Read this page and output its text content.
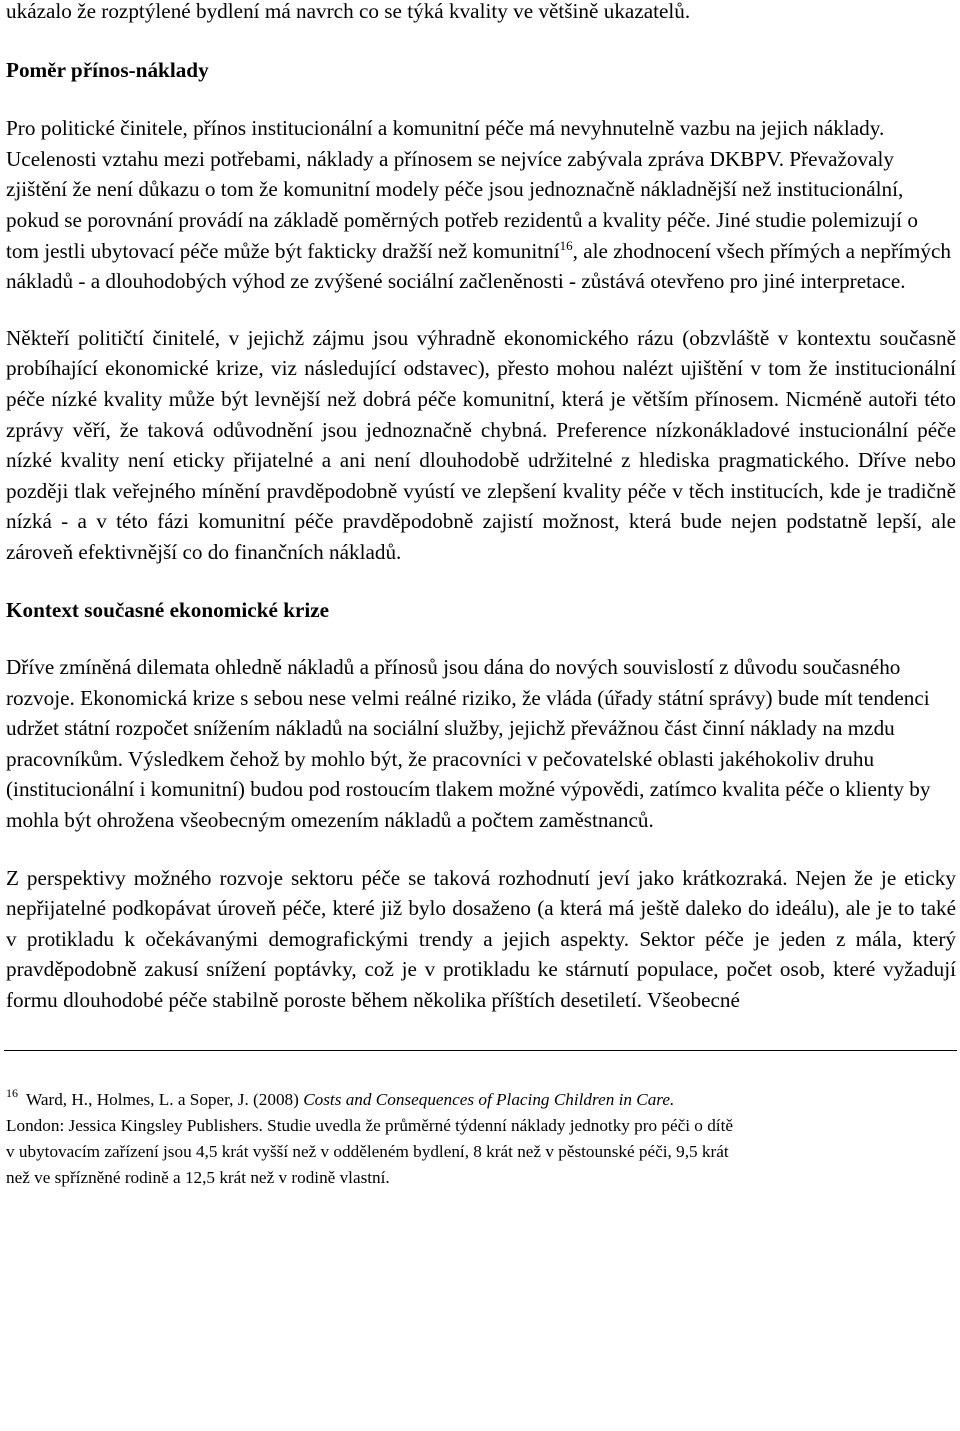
ukázalo že rozptýlené bydlení má navrch co se týká kvality ve většině ukazatelů.

Poměr přínos-náklady

Pro politické činitele, přínos institucionální a komunitní péče má nevyhnutelně vazbu na jejich náklady. Ucelenosti vztahu mezi potřebami, náklady a přínosem se nejvíce zabývala zpráva DKBPV. Převažovaly zjištění že není důkazu o tom že komunitní modely péče jsou jednoznačně nákladnější než institucionální, pokud se porovnání provádí na základě poměrných potřeb rezidentů a kvality péče. Jiné studie polemizují o tom jestli ubytovací péče může být fakticky dražší než komunitní$^{16}$, ale zhodnocení všech přímých a nepřímých nákladů - a dlouhodobých výhod ze zvýšené sociální začleněnosti - zůstává otevřeno pro jiné interpretace.

Někteří političtí činitelé, v jejichž zájmu jsou výhradně ekonomického rázu (obzvláště v kontextu současně probíhající ekonomické krize, viz následující odstavec), přesto mohou nalézt ujištění v tom že institucionální péče nízké kvality může být levnější než dobrá péče komunitní, která je větším přínosem. Nicméně autoři této zprávy věří, že taková odůvodnění jsou jednoznačně chybná. Preference nízkonákladové instucionální péče nízké kvality není eticky přijatelné a ani není dlouhodobě udržitelné z hlediska pragmatického. Dříve nebo později tlak veřejného mínění pravděpodobně vyústí ve zlepšení kvality péče v těch institucích, kde je tradičně nízká - a v této fázi komunitní péče pravděpodobně zajistí možnost, která bude nejen podstatně lepší, ale zároveň efektivnější co do finančních nákladů.

Kontext současné ekonomické krize

Dříve zmíněná dilemata ohledně nákladů a přínosů jsou dána do nových souvislostí z důvodu současného rozvoje. Ekonomická krize s sebou nese velmi reálné riziko, že vláda (úřady státní správy) bude mít tendenci udržet státní rozpočet snížením nákladů na sociální služby, jejichž převážnou část činní náklady na mzdu pracovníkům. Výsledkem čehož by mohlo být, že pracovníci v pečovatelské oblasti jakéhokoliv druhu (institucionální i komunitní) budou pod rostoucím tlakem možné výpovědi, zatímco kvalita péče o klienty by mohla být ohrožena všeobecným omezením nákladů a počtem zaměstnanců.

Z perspektivy možného rozvoje sektoru péče se taková rozhodnutí jeví jako krátkozraká. Nejen že je eticky nepřijatelné podkopávat úroveň péče, které již bylo dosaženo (a která má ještě daleko do ideálu), ale je to také v protikladu k očekávanými demografickými trendy a jejich aspekty. Sektor péče je jeden z mála, který pravděpodobně zakusí snížení poptávky, což je v protikladu ke stárnutí populace, počet osob, které vyžadují formu dlouhodobé péče stabilně poroste během několika příštích desetiletí. Všeobecné

$^{16}$ Ward, H., Holmes, L. a Soper, J. (2008) Costs and Consequences of Placing Children in Care.

London: Jessica Kingsley Publishers. Studie uvedla že průměrné týdenní náklady jednotky pro péči o dítě

v ubytovacím zařízení jsou 4,5 krát vyšší než v odděleném bydlení, 8 krát než v pěstounské péči, 9,5 krát

než ve spřízněné rodině a 12,5 krát než v rodině vlastní.
